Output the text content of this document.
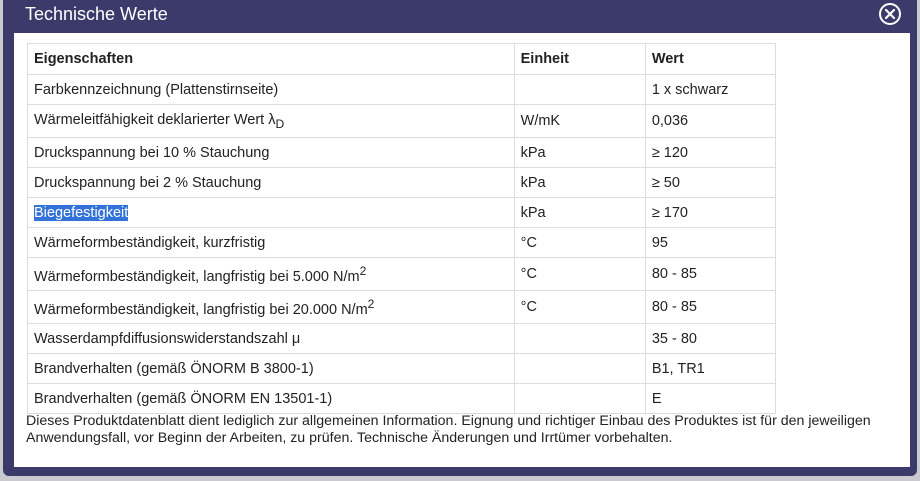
Technische Werte
Eigenschaften	Einheit	Wert
Farbkennzeichnung (Plattenstirnseite)		1 x schwarz
Wärmeleitfähigkeit deklarierter Wert $\lambda_D$	W/mK	0,036
Druckspannung bei 10 % Stauchung	kPa	≥ 120
Druckspannung bei 2 % Stauchung	kPa	≥ 50
Biegefestigkeit	kPa	≥ 170
Wärmeformbeständigkeit, kurzfristig	°C	95
Wärmeformbeständigkeit, langfristig bei 5.000 $N/m^2$	°C	80 - 85
Wärmeformbeständigkeit, langfristig bei 20.000 $N/m^2$	°C	80 - 85
Wasserdampfdiffusionswiderstandszahl μ		35 - 80
Brandverhalten (gemäß ÖNORM B 3800-1)		B1, TR1
Brandverhalten (gemäß ÖNORM EN 13501-1)		E
Dieses Produktdatenblatt dient lediglich zur allgemeinen Information. Eignung und richtiger Einbau des Produktes ist für den jeweiligen Anwendungsfall, vor Beginn der Arbeiten, zu prüfen. Technische Änderungen und Irrtümer vorbehalten.
